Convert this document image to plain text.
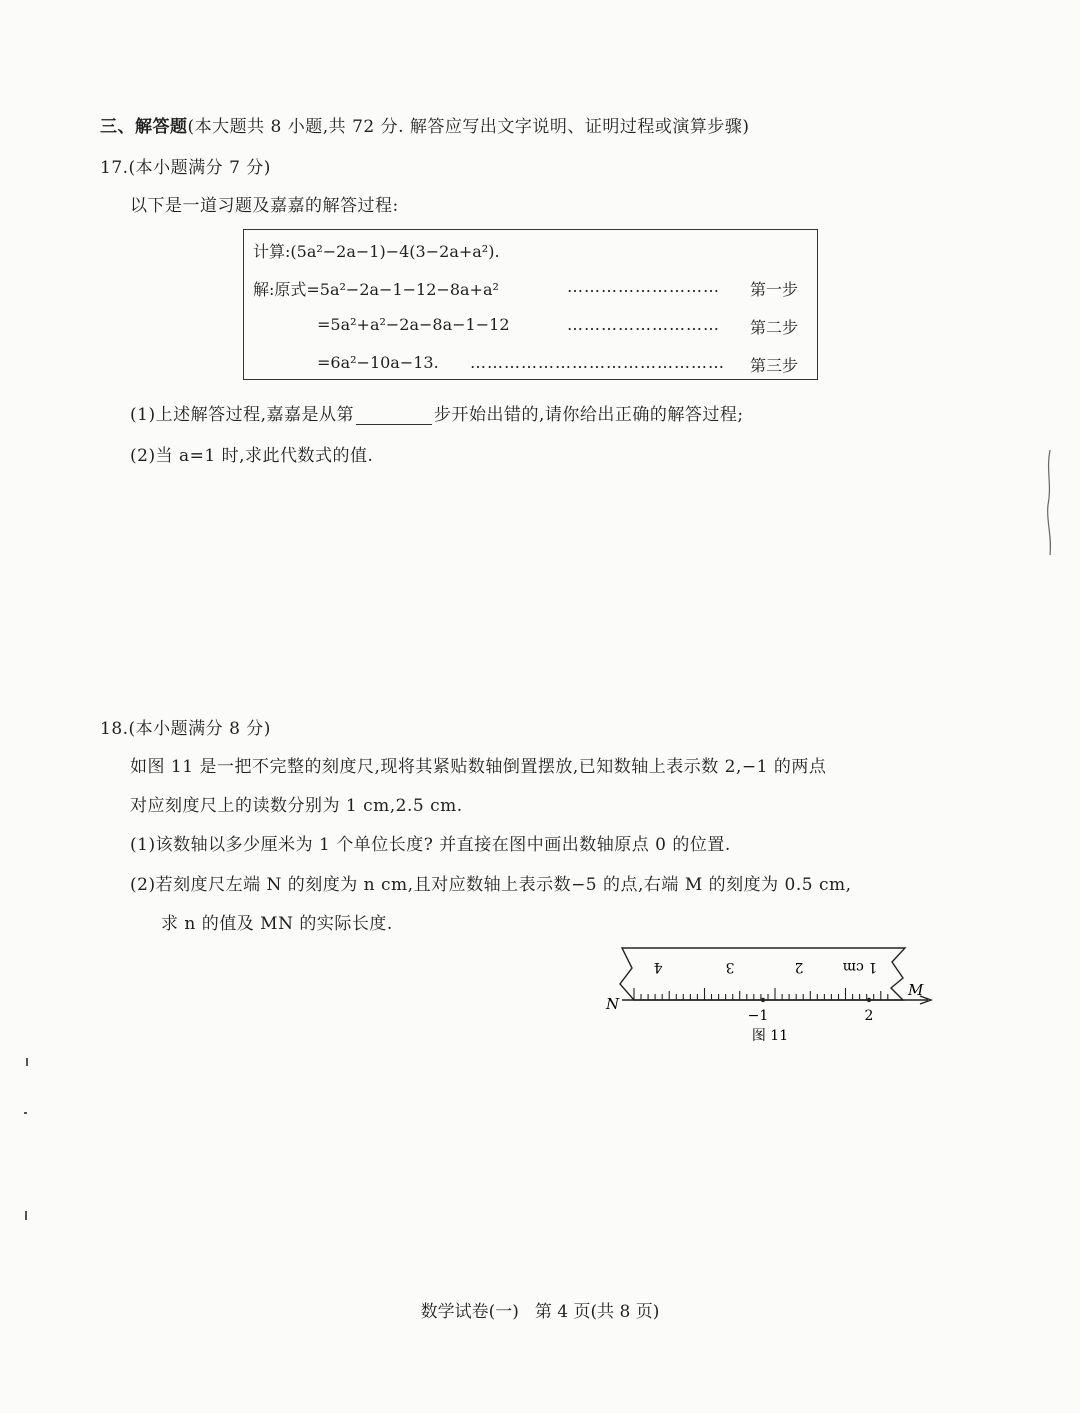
三、解答题(本大题共 8 小题,共 72 分. 解答应写出文字说明、证明过程或演算步骤)
17.(本小题满分 7 分)
以下是一道习题及嘉嘉的解答过程:
计算:(5a²−2a−1)−4(3−2a+a²).
解:原式=5a²−2a−1−12−8a+a²	……………………… 第一步
=5a²+a²−2a−8a−1−12	……………………… 第二步
=6a²−10a−13. ……………………………………… 第三步
(1)上述解答过程,嘉嘉是从第	步开始出错的,请你给出正确的解答过程;
(2)当 a=1 时,求此代数式的值.
18.(本小题满分 8 分)
如图 11 是一把不完整的刻度尺,现将其紧贴数轴倒置摆放,已知数轴上表示数 2,−1 的两点
对应刻度尺上的读数分别为 1 cm,2.5 cm.
(1)该数轴以多少厘米为 1 个单位长度? 并直接在图中画出数轴原点 0 的位置.
(2)若刻度尺左端 N 的刻度为 n cm,且对应数轴上表示数−5 的点,右端 M 的刻度为 0.5 cm,
求 n 的值及 MN 的实际长度.
4	3	2	1 cm
−1	2
N
M
图 11
数学试卷(一) 第 4 页(共 8 页)
